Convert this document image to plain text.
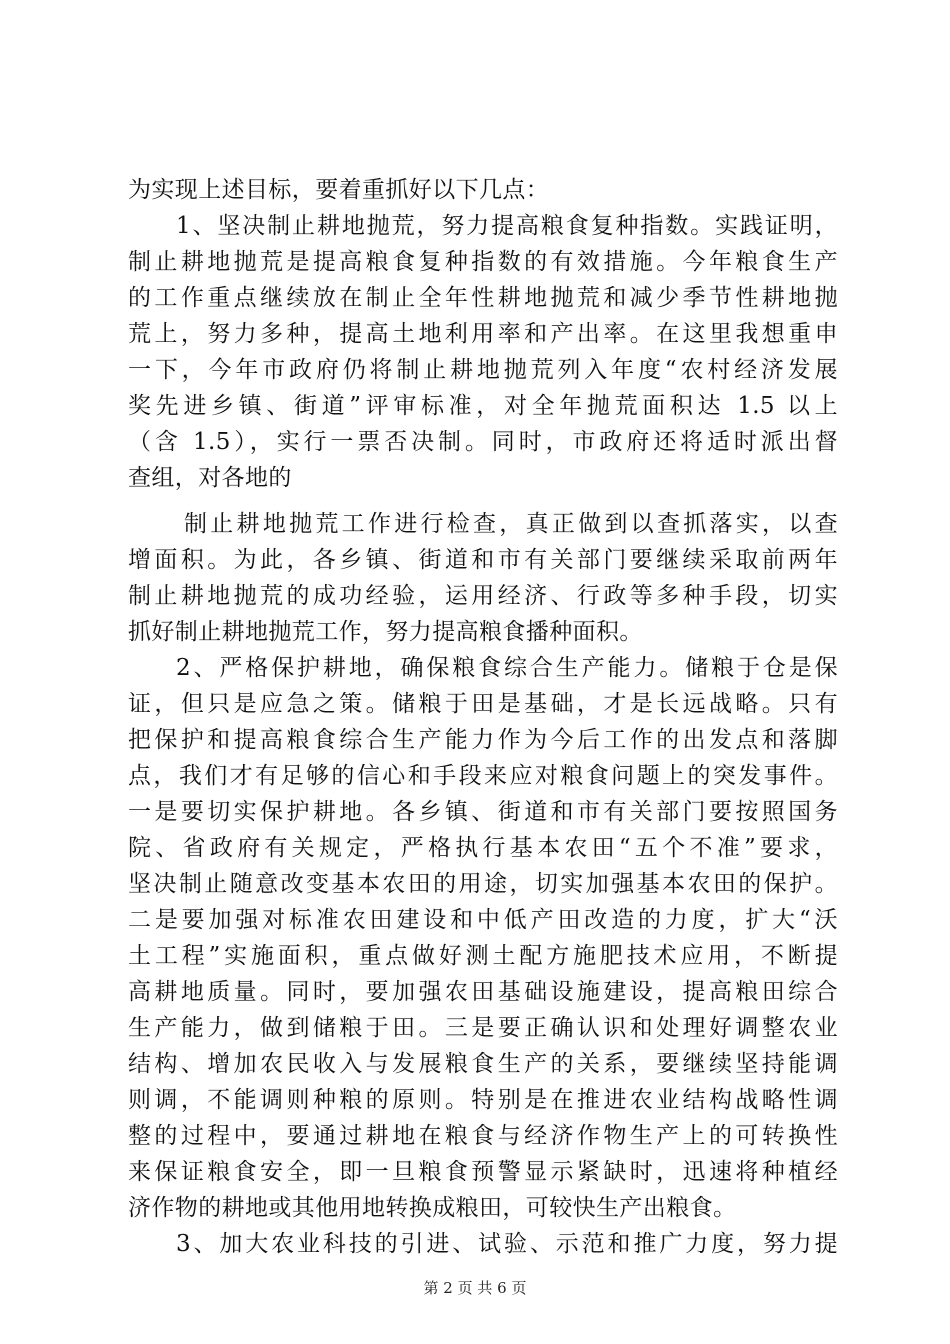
为实现上述目标，要着重抓好以下几点：
1、坚决制止耕地抛荒，努力提高粮食复种指数。实践证明，
制止耕地抛荒是提高粮食复种指数的有效措施。今年粮食生产
的工作重点继续放在制止全年性耕地抛荒和减少季节性耕地抛
荒上，努力多种，提高土地利用率和产出率。在这里我想重申
一下，今年市政府仍将制止耕地抛荒列入年度“农村经济发展
奖先进乡镇、街道”评审标准，对全年抛荒面积达 1.5 以上
（含 1.5），实行一票否决制。同时，市政府还将适时派出督
查组，对各地的
制止耕地抛荒工作进行检查，真正做到以查抓落实，以查
增面积。为此，各乡镇、街道和市有关部门要继续采取前两年
制止耕地抛荒的成功经验，运用经济、行政等多种手段，切实
抓好制止耕地抛荒工作，努力提高粮食播种面积。
2、严格保护耕地，确保粮食综合生产能力。储粮于仓是保
证，但只是应急之策。储粮于田是基础，才是长远战略。只有
把保护和提高粮食综合生产能力作为今后工作的出发点和落脚
点，我们才有足够的信心和手段来应对粮食问题上的突发事件。
一是要切实保护耕地。各乡镇、街道和市有关部门要按照国务
院、省政府有关规定，严格执行基本农田“五个不准”要求，
坚决制止随意改变基本农田的用途，切实加强基本农田的保护。
二是要加强对标准农田建设和中低产田改造的力度，扩大“沃
土工程”实施面积，重点做好测土配方施肥技术应用，不断提
高耕地质量。同时，要加强农田基础设施建设，提高粮田综合
生产能力，做到储粮于田。三是要正确认识和处理好调整农业
结构、增加农民收入与发展粮食生产的关系，要继续坚持能调
则调，不能调则种粮的原则。特别是在推进农业结构战略性调
整的过程中，要通过耕地在粮食与经济作物生产上的可转换性
来保证粮食安全，即一旦粮食预警显示紧缺时，迅速将种植经
济作物的耕地或其他用地转换成粮田，可较快生产出粮食。
3、加大农业科技的引进、试验、示范和推广力度，努力提
第 2 页 共 6 页
